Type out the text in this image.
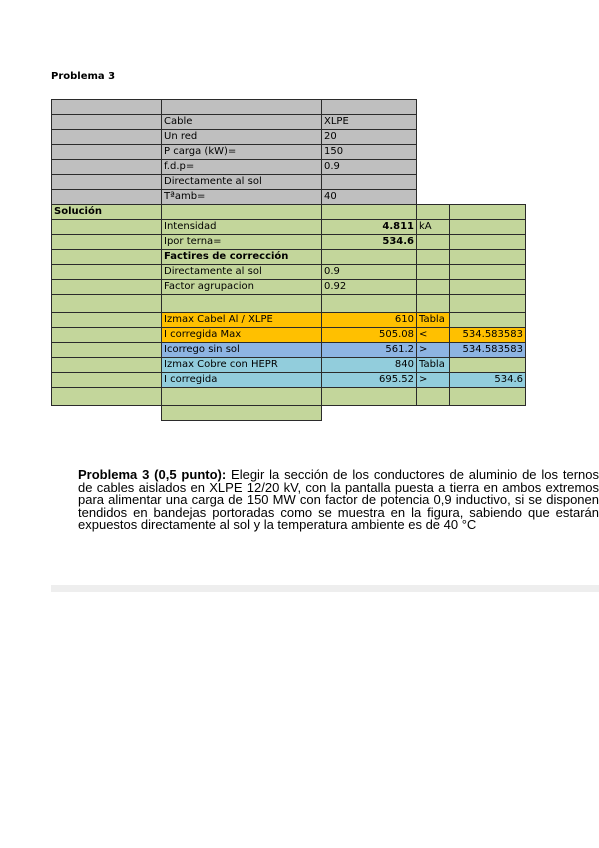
Problema 3
Cable	XLPE
Un red	20
P carga (kW)=	150
f.d.p=	0.9
Directamente al sol
Tªamb=	40
Solución
Intensidad	4.811 kA
Ipor terna=	534.6
Factires de corrección
Directamente al sol	0.9
Factor agrupacion	0.92
Izmax Cabel Al / XLPE	610 Tabla
I corregida Max	505.08 <	534.583583
Icorrego sin sol	561.2 >	534.583583
Izmax Cobre con HEPR	840 Tabla
I corregida	695.52 >	534.6
Problema 3 (0,5 punto): Elegir la sección de los conductores de aluminio de los ternos de cables aislados en XLPE 12/20 kV, con la pantalla puesta a tierra en ambos extremos para alimentar una carga de 150 MW con factor de potencia 0,9 inductivo, si se disponen tendidos en bandejas portoradas como se muestra en la figura, sabiendo que estarán expuestos directamente al sol y la temperatura ambiente es de 40 °C
